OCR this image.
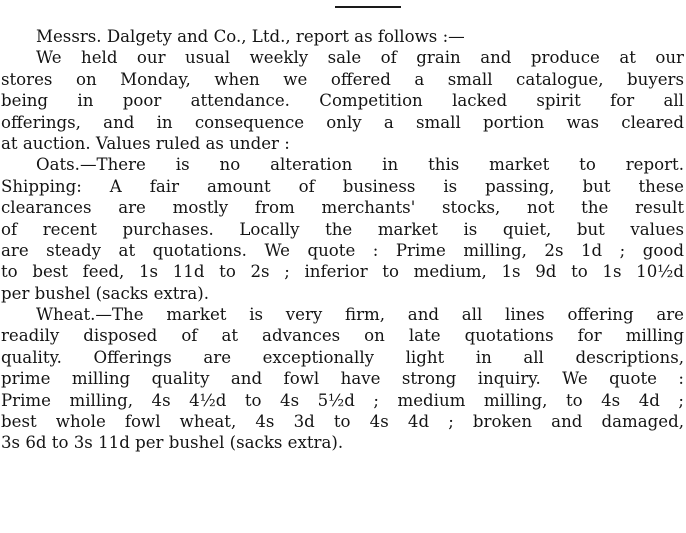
Messrs. Dalgety and Co., Ltd., report as follows :—
We held our usual weekly sale of grain and produce at our
stores on Monday, when we offered a small catalogue, buyers
being in poor attendance. Competition lacked spirit for all
offerings, and in consequence only a small portion was cleared
at auction. Values ruled as under :
Oats.—There is no alteration in this market to report.
Shipping: A fair amount of business is passing, but these
clearances are mostly from merchants' stocks, not the result
of recent purchases. Locally the market is quiet, but values
are steady at quotations. We quote : Prime milling, 2s 1d ; good
to best feed, 1s 11d to 2s ; inferior to medium, 1s 9d to 1s 10½d
per bushel (sacks extra).
Wheat.—The market is very firm, and all lines offering are
readily disposed of at advances on late quotations for milling
quality. Offerings are exceptionally light in all descriptions,
prime milling quality and fowl have strong inquiry. We quote :
Prime milling, 4s 4½d to 4s 5½d ; medium milling, to 4s 4d ;
best whole fowl wheat, 4s 3d to 4s 4d ; broken and damaged,
3s 6d to 3s 11d per bushel (sacks extra).
